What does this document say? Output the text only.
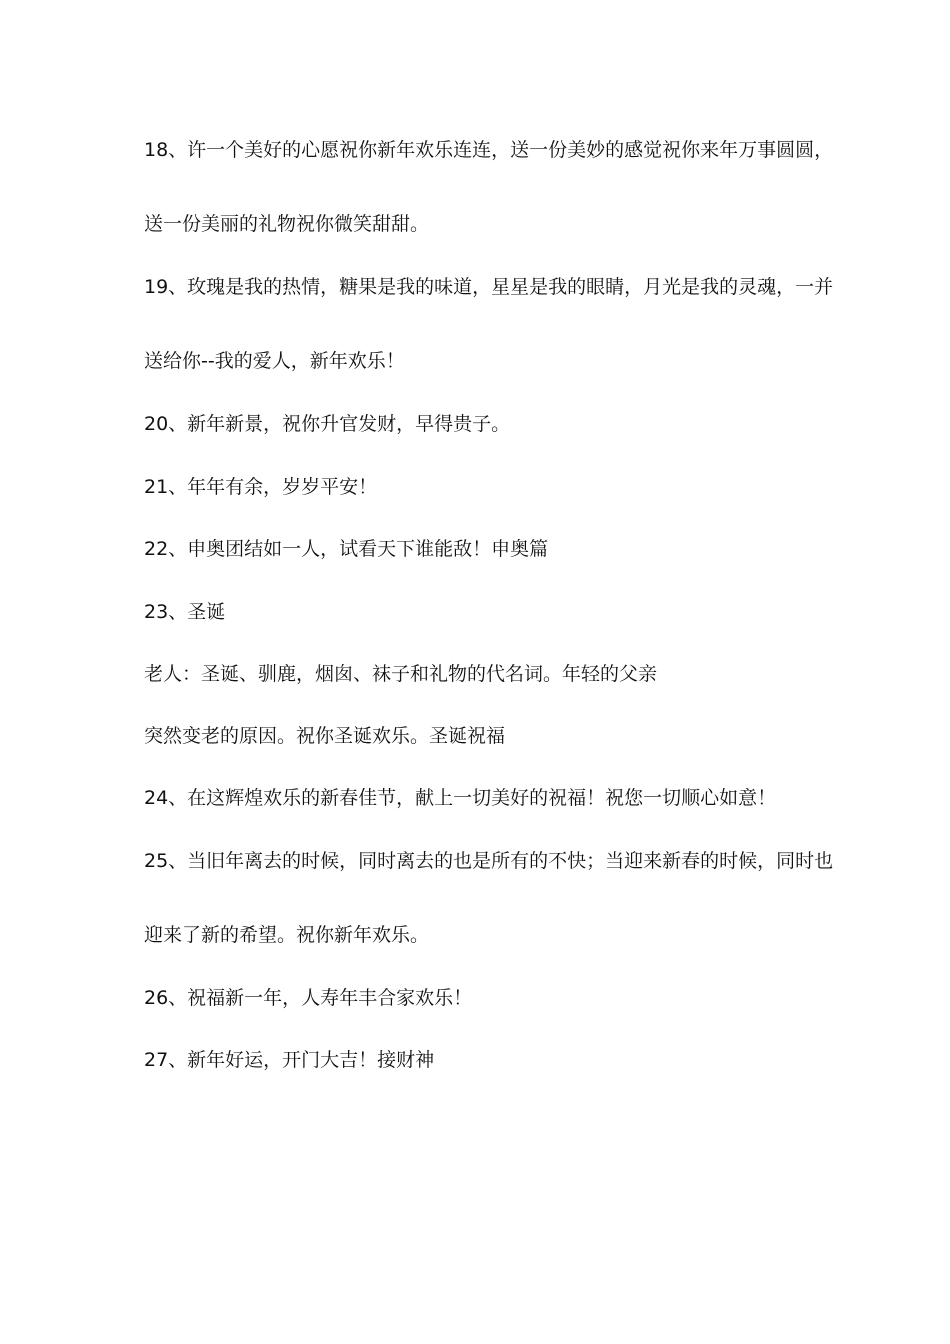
18、许一个美好的心愿祝你新年欢乐连连，送一份美妙的感觉祝你来年万事圆圆，
送一份美丽的礼物祝你微笑甜甜。
19、玫瑰是我的热情，糖果是我的味道，星星是我的眼睛，月光是我的灵魂，一并
送给你--我的爱人，新年欢乐！
20、新年新景，祝你升官发财，早得贵子。
21、年年有余，岁岁平安！
22、申奥团结如一人，试看天下谁能敌！申奥篇
23、圣诞
老人：圣诞、驯鹿，烟囱、袜子和礼物的代名词。年轻的父亲
突然变老的原因。祝你圣诞欢乐。圣诞祝福
24、在这辉煌欢乐的新春佳节，献上一切美好的祝福！祝您一切顺心如意！
25、当旧年离去的时候，同时离去的也是所有的不快；当迎来新春的时候，同时也
迎来了新的希望。祝你新年欢乐。
26、祝福新一年，人寿年丰合家欢乐！
27、新年好运，开门大吉！接财神
